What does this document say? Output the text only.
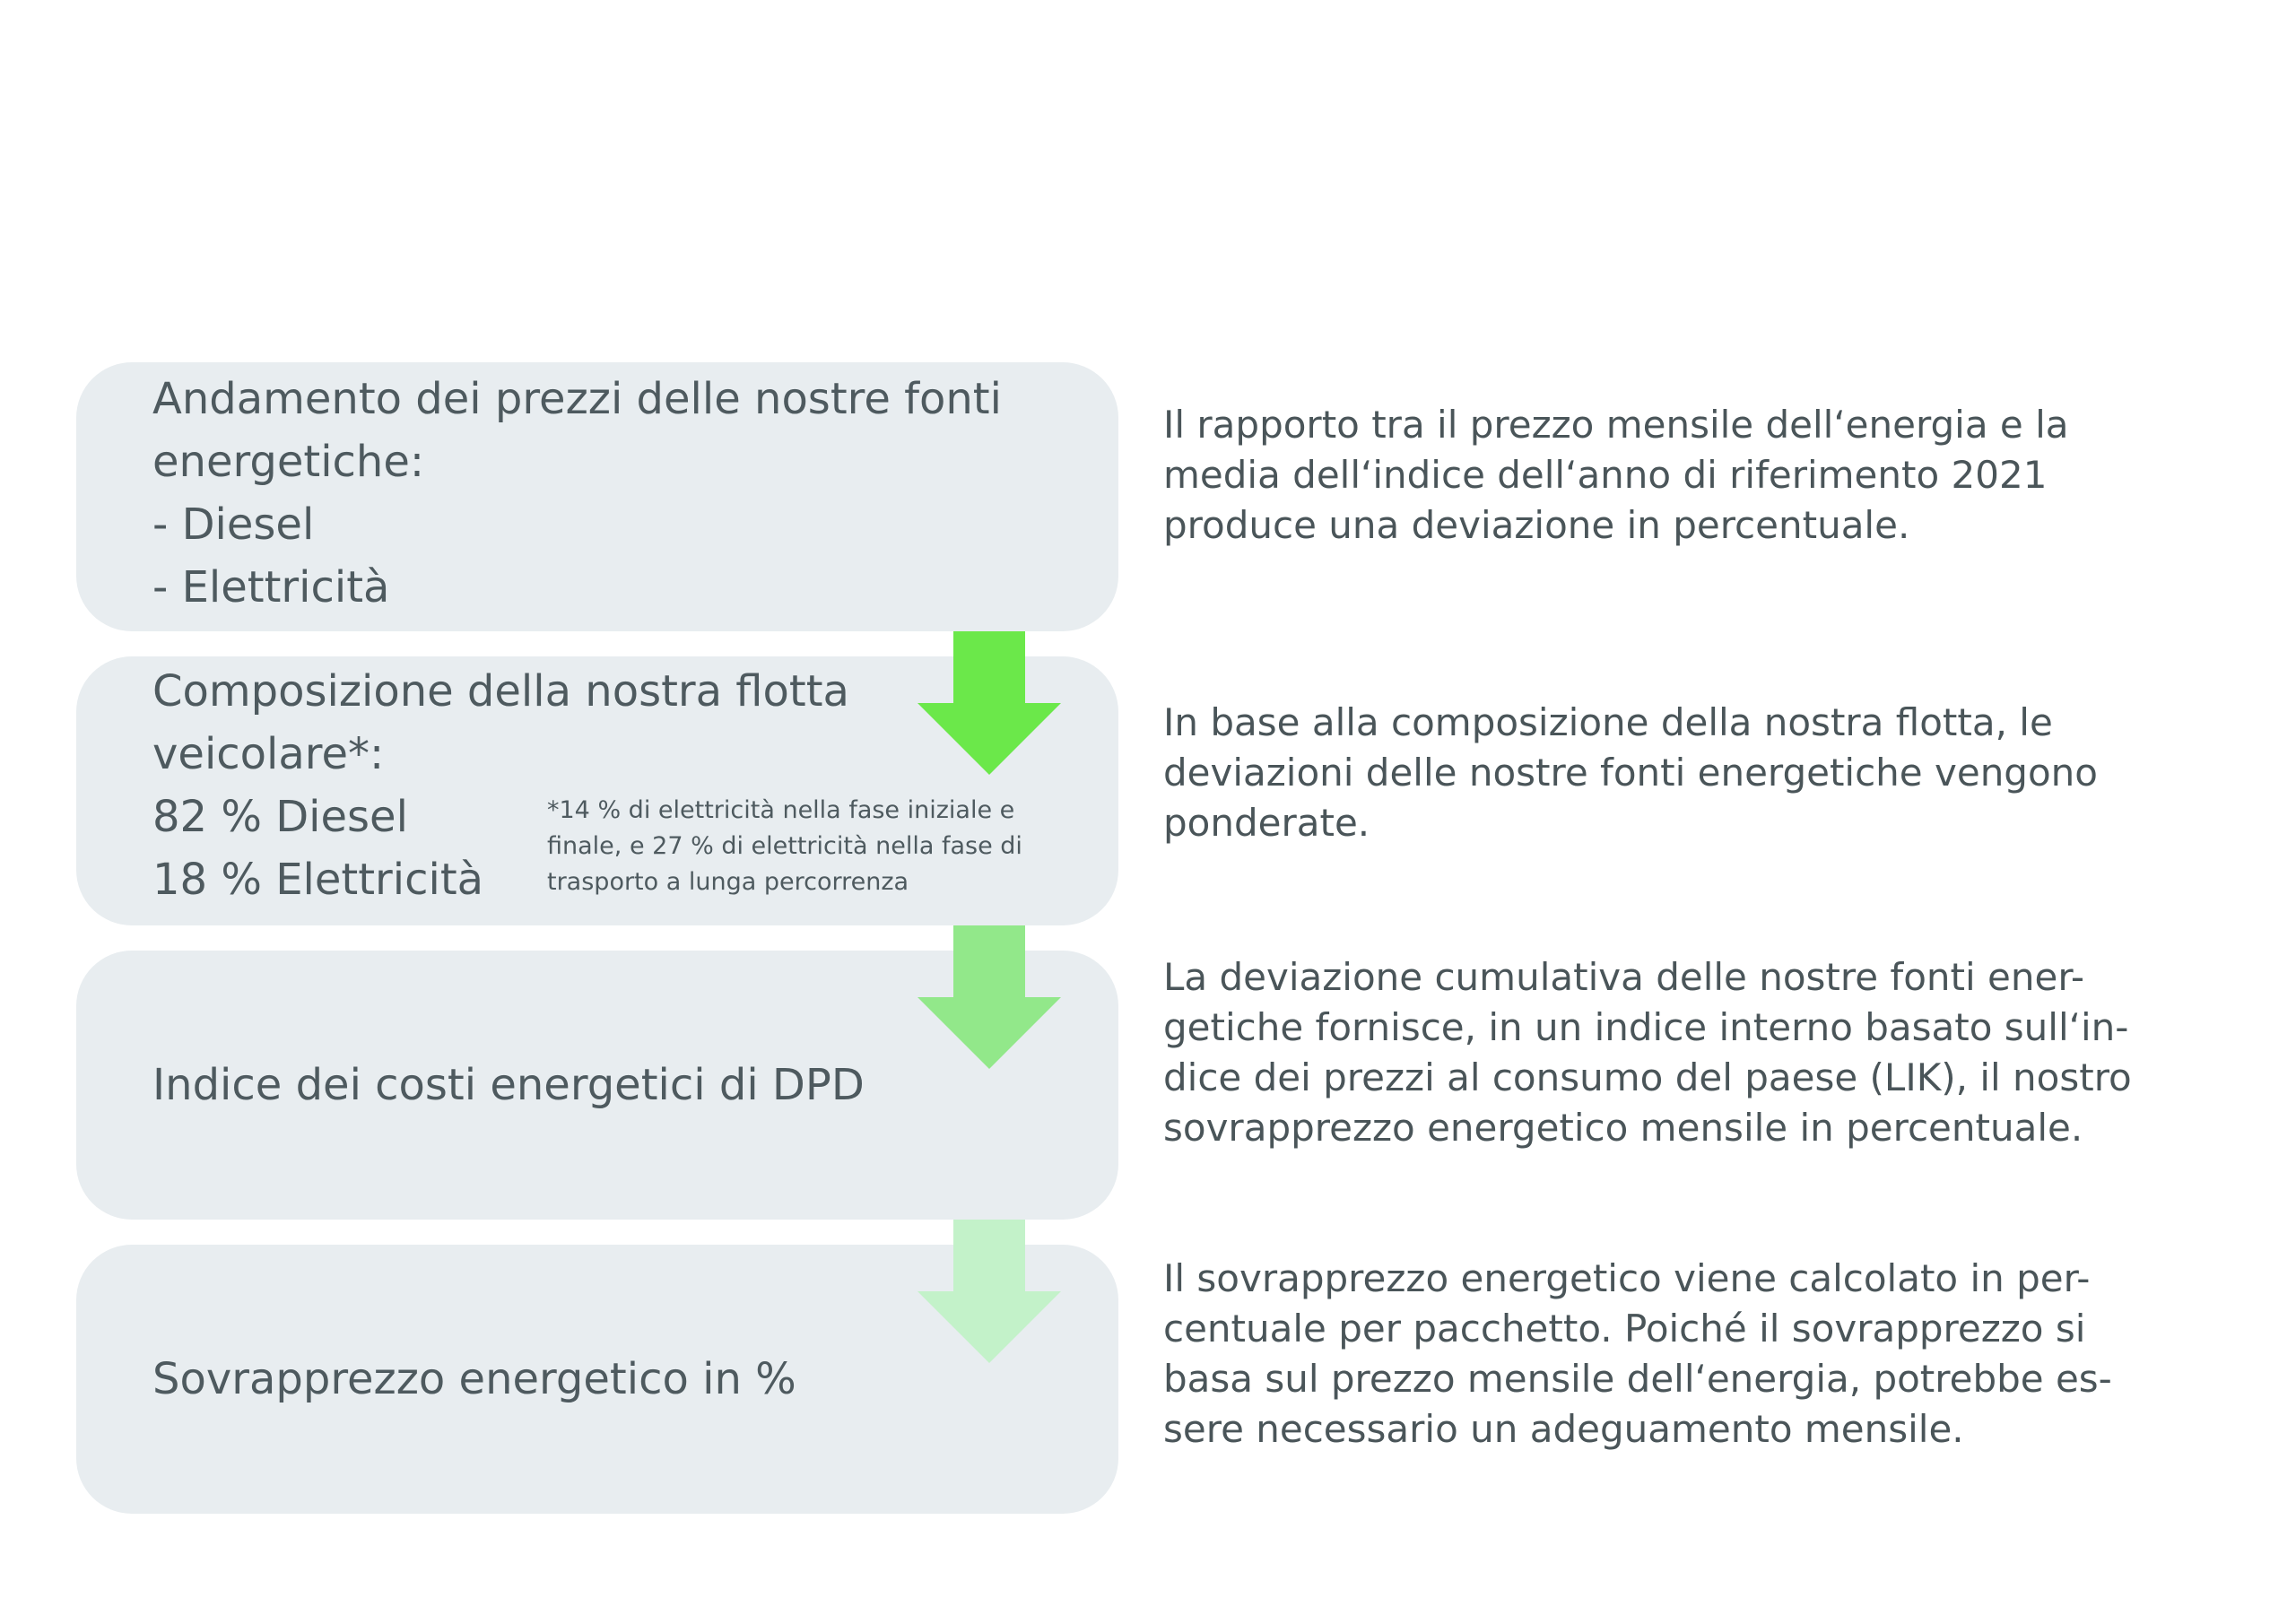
Andamento dei prezzi delle nostre fonti
energetiche:
- Diesel
- Elettricità
Composizione della nostra flotta
veicolare*:
82 % Diesel
18 % Elettricità
*14 % di elettricità nella fase iniziale e
finale, e 27 % di elettricità nella fase di
trasporto a lunga percorrenza
Indice dei costi energetici di DPD
Sovrapprezzo energetico in %
Il rapporto tra il prezzo mensile dell‘energia e la
media dell‘indice dell‘anno di riferimento 2021
produce una deviazione in percentuale.
In base alla composizione della nostra flotta, le
deviazioni delle nostre fonti energetiche vengono
ponderate.
La deviazione cumulativa delle nostre fonti ener-
getiche fornisce, in un indice interno basato sull‘in-
dice dei prezzi al consumo del paese (LIK), il nostro
sovrapprezzo energetico mensile in percentuale.
Il sovrapprezzo energetico viene calcolato in per-
centuale per pacchetto. Poiché il sovrapprezzo si
basa sul prezzo mensile dell‘energia, potrebbe es-
sere necessario un adeguamento mensile.
